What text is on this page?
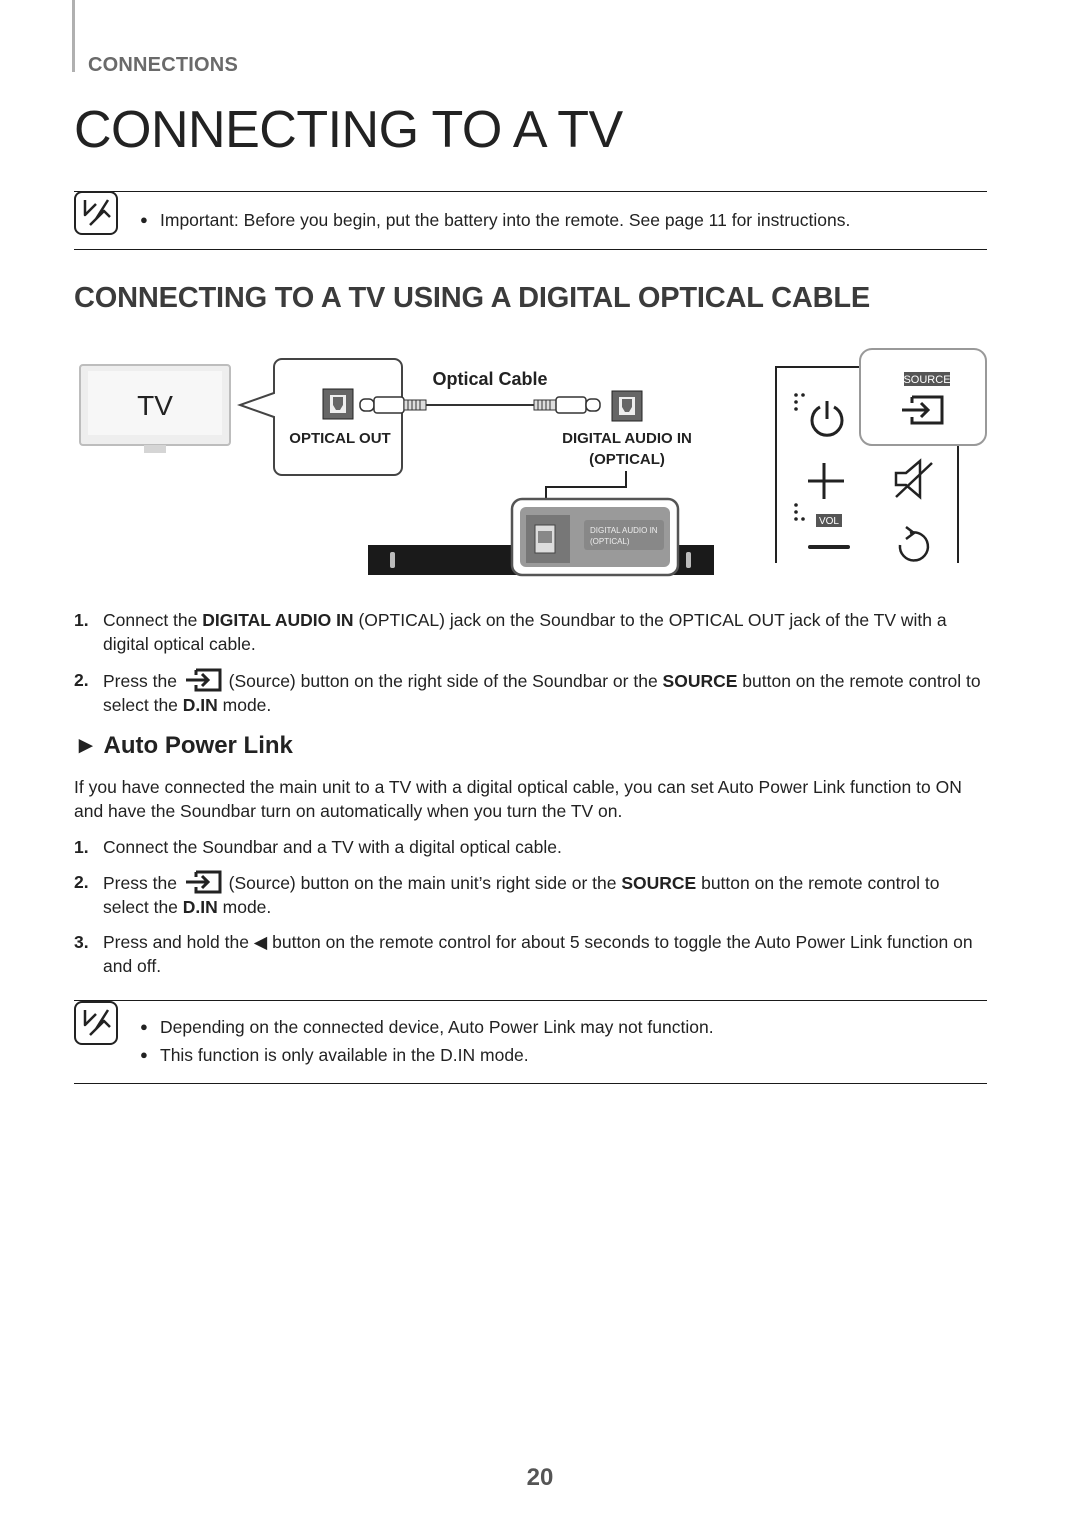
CONNECTIONS
CONNECTING TO A TV
● Important: Before you begin, put the battery into the remote. See page 11 for instructions.
CONNECTING TO A TV USING A DIGITAL OPTICAL CABLE
TV
OPTICAL OUT
Optical Cable
DIGITAL AUDIO IN
(OPTICAL)
DIGITAL AUDIO IN
(OPTICAL)
SOURCE
VOL
1. Connect the DIGITAL AUDIO IN (OPTICAL) jack on the Soundbar to the OPTICAL OUT jack of the TV with a digital optical cable.
2. Press the  (Source) button on the right side of the Soundbar or the SOURCE button on the remote control to select the D.IN mode.
► Auto Power Link
If you have connected the main unit to a TV with a digital optical cable, you can set Auto Power Link function to ON and have the Soundbar turn on automatically when you turn the TV on.
1. Connect the Soundbar and a TV with a digital optical cable.
2. Press the  (Source) button on the main unit’s right side or the SOURCE button on the remote control to select the D.IN mode.
3. Press and hold the ◀ button on the remote control for about 5 seconds to toggle the Auto Power Link function on and off.
● Depending on the connected device, Auto Power Link may not function.
● This function is only available in the D.IN mode.
20
